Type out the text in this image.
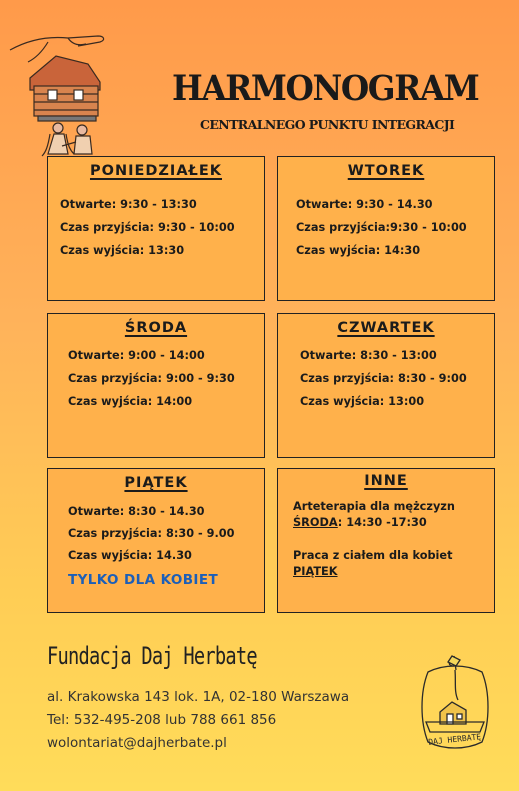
HARMONOGRAM
CENTRALNEGO PUNKTU INTEGRACJI
PONIEDZIAŁEK
Otwarte: 9:30 - 13:30
Czas przyjścia: 9:30 - 10:00
Czas wyjścia: 13:30
WTOREK
Otwarte: 9:30 - 14.30
Czas przyjścia:9:30 - 10:00
Czas wyjścia: 14:30
ŚRODA
Otwarte: 9:00 - 14:00
Czas przyjścia: 9:00 - 9:30
Czas wyjścia: 14:00
CZWARTEK
Otwarte: 8:30 - 13:00
Czas przyjścia: 8:30 - 9:00
Czas wyjścia: 13:00
PIĄTEK
Otwarte: 8:30 - 14.30
Czas przyjścia: 8:30 - 9.00
Czas wyjścia: 14.30
TYLKO DLA KOBIET
INNE
Arteterapia dla mężczyzn
ŚRODA: 14:30 -17:30
Praca z ciałem dla kobiet
PIĄTEK
Fundacja Daj Herbatę
al. Krakowska 143 lok. 1A, 02-180 Warszawa
Tel: 532-495-208 lub 788 661 856
wolontariat@dajherbate.pl	DAJ HERBATĘ
